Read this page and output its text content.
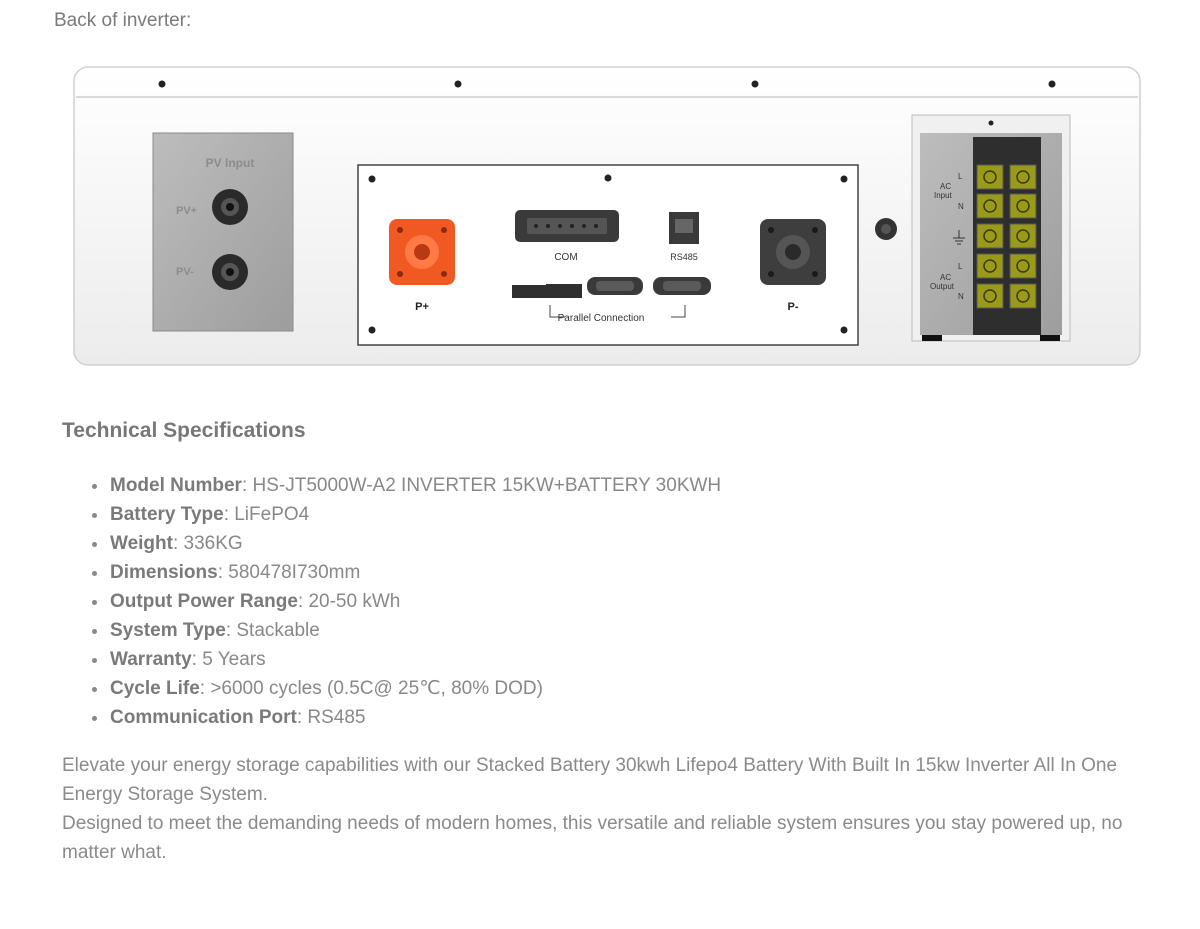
Back of inverter:
PV Input
PV+
PV-
P+
COM	RS485
Parallel Connection
P-
L
AC
Input
N
L
AC
Output
N
Technical Specifications
Model Number: HS-JT5000W-A2 INVERTER 15KW+BATTERY 30KWH
Battery Type: LiFePO4
Weight: 336KG
Dimensions: 580478I730mm
Output Power Range: 20-50 kWh
System Type: Stackable
Warranty: 5 Years
Cycle Life: >6000 cycles (0.5C@ 25℃, 80% DOD)
Communication Port: RS485

Elevate your energy storage capabilities with our Stacked Battery 30kwh Lifepo4 Battery With Built In 15kw Inverter All In One Energy Storage System.
Designed to meet the demanding needs of modern homes, this versatile and reliable system ensures you stay powered up, no matter what.
